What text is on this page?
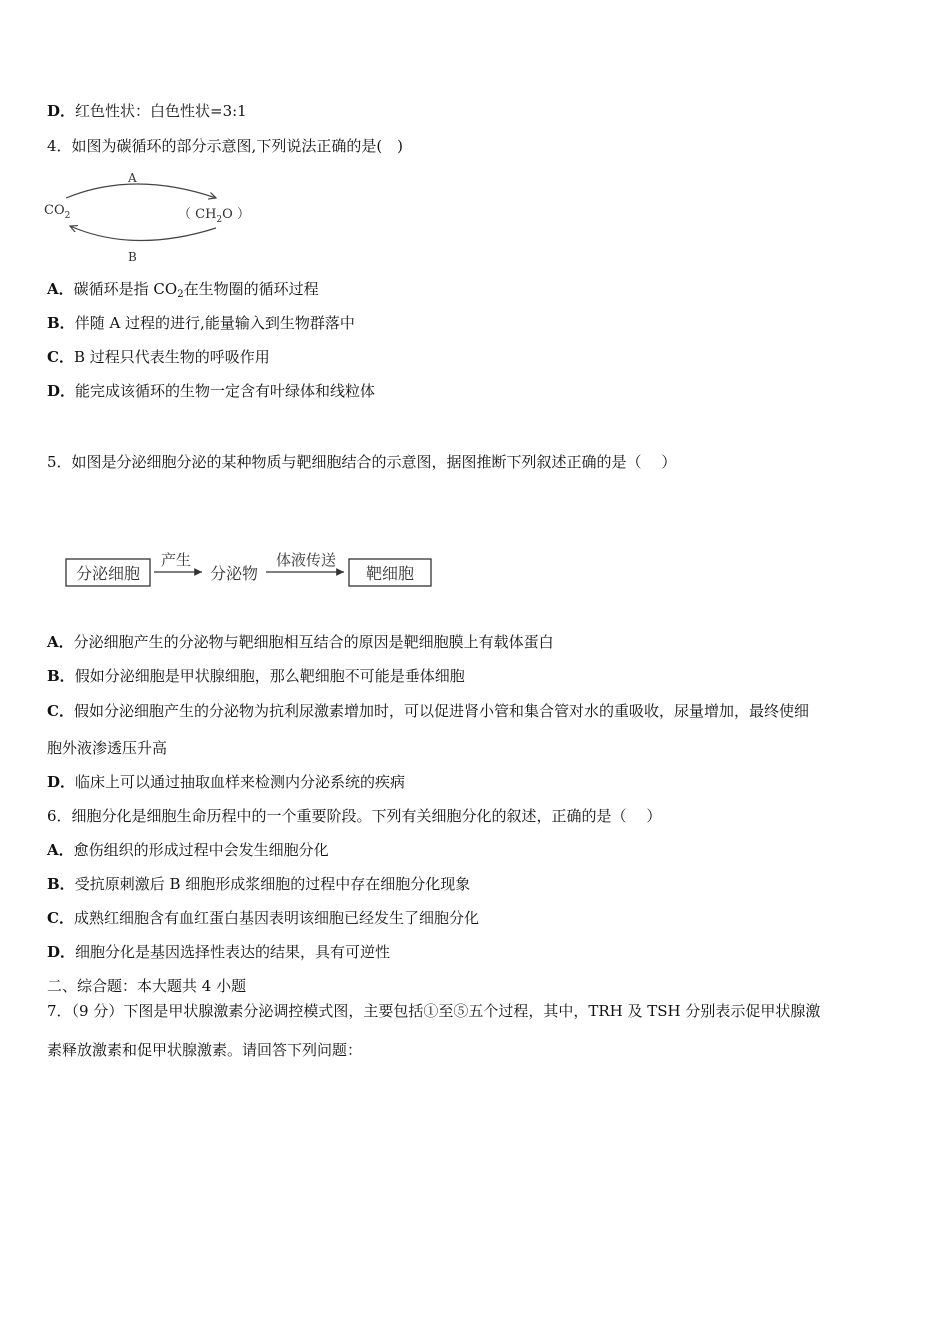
D．红色性状：白色性状=3:1
4．如图为碳循环的部分示意图,下列说法正确的是(　)
$CO_2$	（ $CH_2O$ ）
A
B
A．碳循环是指 $CO_2$在生物圈的循环过程
B．伴随 A 过程的进行,能量输入到生物群落中
C．B 过程只代表生物的呼吸作用
D．能完成该循环的生物一定含有叶绿体和线粒体
5．如图是分泌细胞分泌的某种物质与靶细胞结合的示意图，据图推断下列叙述正确的是（　 ）
分泌细胞
产生
分泌物
体液传送
靶细胞
A．分泌细胞产生的分泌物与靶细胞相互结合的原因是靶细胞膜上有载体蛋白
B．假如分泌细胞是甲状腺细胞，那么靶细胞不可能是垂体细胞
C．假如分泌细胞产生的分泌物为抗利尿激素增加时，可以促进肾小管和集合管对水的重吸收，尿量增加，最终使细
胞外液渗透压升高
D．临床上可以通过抽取血样来检测内分泌系统的疾病
6．细胞分化是细胞生命历程中的一个重要阶段。下列有关细胞分化的叙述，正确的是（　 ）
A．愈伤组织的形成过程中会发生细胞分化
B．受抗原刺激后 B 细胞形成浆细胞的过程中存在细胞分化现象
C．成熟红细胞含有血红蛋白基因表明该细胞已经发生了细胞分化
D．细胞分化是基因选择性表达的结果，具有可逆性
二、综合题：本大题共 4 小题
7．（9 分）下图是甲状腺激素分泌调控模式图，主要包括①至⑤五个过程，其中，TRH 及 TSH 分别表示促甲状腺激
素释放激素和促甲状腺激素。请回答下列问题：
